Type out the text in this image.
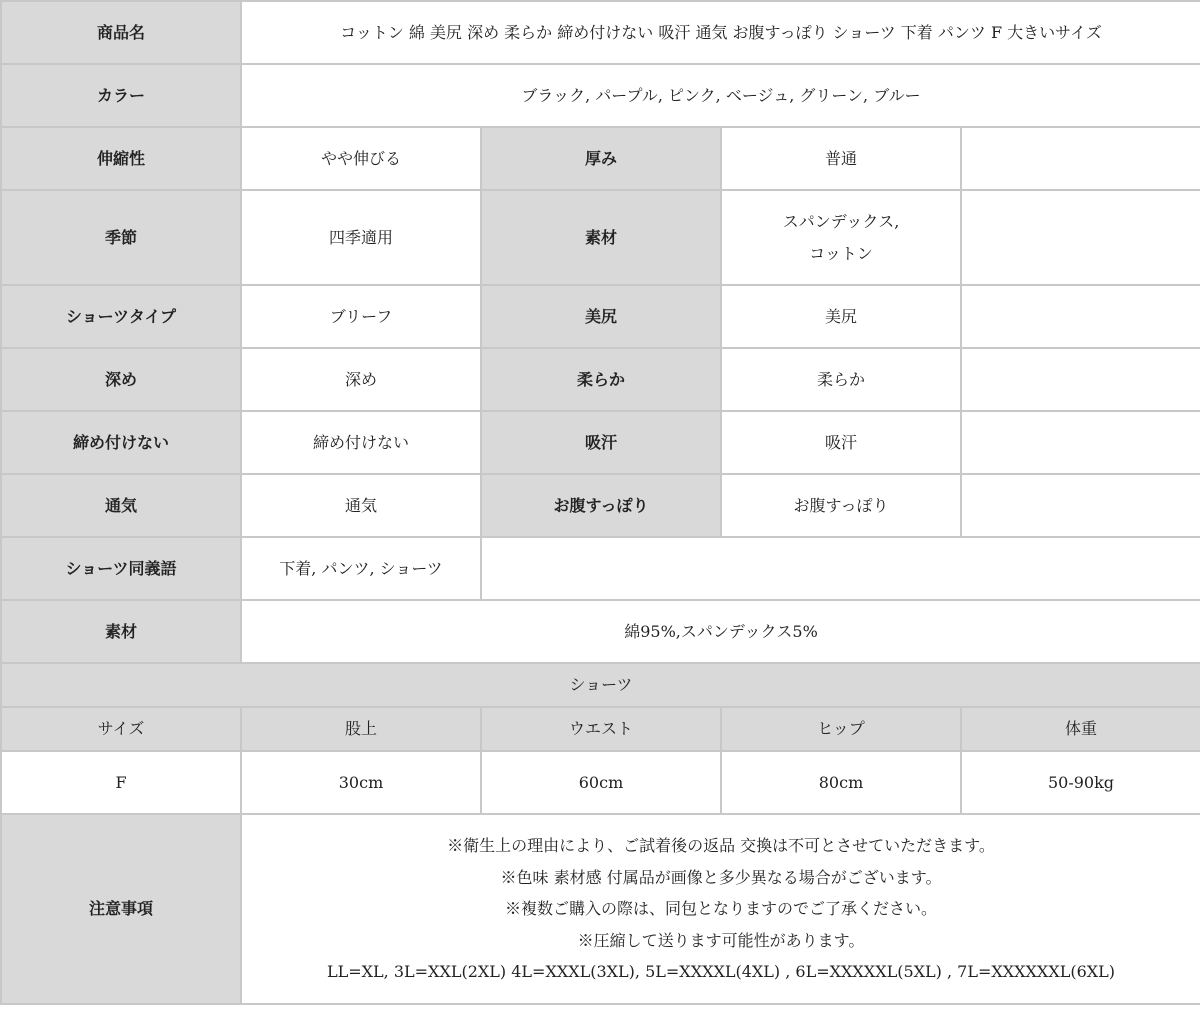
商品名	コットン 綿 美尻 深め 柔らか 締め付けない 吸汗 通気 お腹すっぽり ショーツ 下着 パンツ F 大きいサイズ			
カラー	ブラック, パープル, ピンク, ベージュ, グリーン, ブルー			
伸縮性	やや伸びる	厚み	普通	
季節	四季適用	素材	スパンデックス,
コットン	

ショーツタイプ	ブリーフ	美尻	美尻	
深め	深め	柔らか	柔らか	
締め付けない	締め付けない	吸汗	吸汗	
通気	通気	お腹すっぽり	お腹すっぽり	
ショーツ同義語	下着, パンツ, ショーツ			
素材	綿95%,スパンデックス5%			
ショーツ				
サイズ	股上	ウエスト	ヒップ	体重
F	30cm	60cm	80cm	50-90kg
注意事項	※衛生上の理由により、ご試着後の返品 交換は不可とさせていただきます。
※色味 素材感 付属品が画像と多少異なる場合がございます。
※複数ご購入の際は、同包となりますのでご了承ください。
※圧縮して送ります可能性があります。
LL=XL, 3L=XXL(2XL) 4L=XXXL(3XL), 5L=XXXXL(4XL) , 6L=XXXXXL(5XL) , 7L=XXXXXXL(6XL)			
